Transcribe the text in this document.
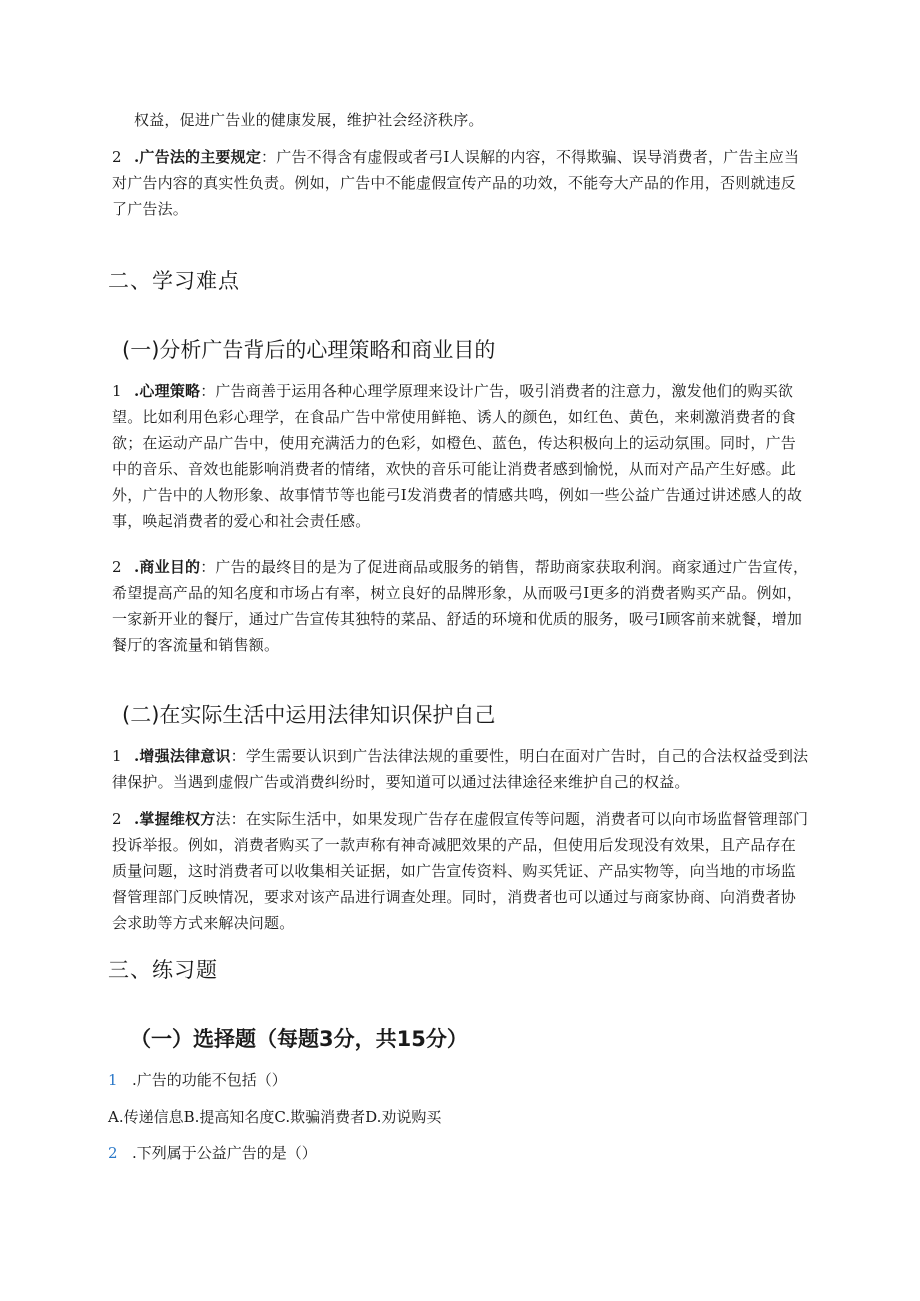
权益，促进广告业的健康发展，维护社会经济秩序。
2 .广告法的主要规定：广告不得含有虚假或者弓I人误解的内容，不得欺骗、误导消费者，广告主应当对广告内容的真实性负责。例如，广告中不能虚假宣传产品的功效，不能夸大产品的作用，否则就违反了广告法。
二、学习难点
(一)分析广告背后的心理策略和商业目的
1 .心理策略：广告商善于运用各种心理学原理来设计广告，吸引消费者的注意力，激发他们的购买欲望。比如利用色彩心理学，在食品广告中常使用鲜艳、诱人的颜色，如红色、黄色，来刺激消费者的食欲；在运动产品广告中，使用充满活力的色彩，如橙色、蓝色，传达积极向上的运动氛围。同时，广告中的音乐、音效也能影响消费者的情绪，欢快的音乐可能让消费者感到愉悦，从而对产品产生好感。此外，广告中的人物形象、故事情节等也能弓I发消费者的情感共鸣，例如一些公益广告通过讲述感人的故事，唤起消费者的爱心和社会责任感。
2 .商业目的：广告的最终目的是为了促进商品或服务的销售，帮助商家获取利润。商家通过广告宣传，希望提高产品的知名度和市场占有率，树立良好的品牌形象，从而吸弓I更多的消费者购买产品。例如，一家新开业的餐厅，通过广告宣传其独特的菜品、舒适的环境和优质的服务，吸弓I顾客前来就餐，增加餐厅的客流量和销售额。
(二)在实际生活中运用法律知识保护自己
1 .增强法律意识：学生需要认识到广告法律法规的重要性，明白在面对广告时，自己的合法权益受到法律保护。当遇到虚假广告或消费纠纷时，要知道可以通过法律途径来维护自己的权益。
2 .掌握维权方法：在实际生活中，如果发现广告存在虚假宣传等问题，消费者可以向市场监督管理部门投诉举报。例如，消费者购买了一款声称有神奇减肥效果的产品，但使用后发现没有效果，且产品存在质量问题，这时消费者可以收集相关证据，如广告宣传资料、购买凭证、产品实物等，向当地的市场监督管理部门反映情况，要求对该产品进行调查处理。同时，消费者也可以通过与商家协商、向消费者协会求助等方式来解决问题。
三、练习题
（一）选择题（每题3分，共15分）
1 .广告的功能不包括（）
A.传递信息B.提高知名度C.欺骗消费者D.劝说购买
2 .下列属于公益广告的是（）
